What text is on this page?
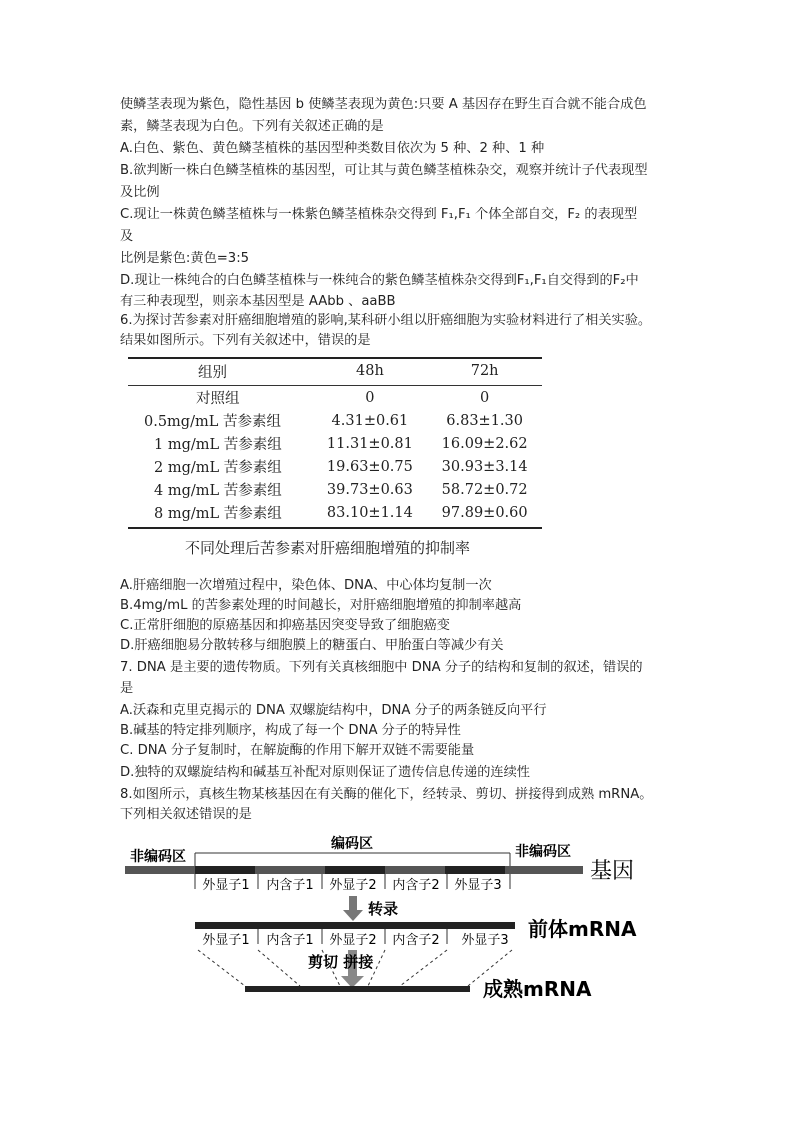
使鳞茎表现为紫色，隐性基因 b 使鳞茎表现为黄色:只要 A 基因存在野生百合就不能合成色
素，鳞茎表现为白色。下列有关叙述正确的是
A.白色、紫色、黄色鳞茎植株的基因型种类数目依次为 5 种、2 种、1 种
B.欲判断一株白色鳞茎植株的基因型，可让其与黄色鳞茎植株杂交，观察并统计子代表现型
及比例
C.现让一株黄色鳞茎植株与一株紫色鳞茎植株杂交得到 F₁,F₁ 个体全部自交，F₂ 的表现型
及
比例是紫色:黄色=3:5
D.现让一株纯合的白色鳞茎植株与一株纯合的紫色鳞茎植株杂交得到F₁,F₁自交得到的F₂中
有三种表现型，则亲本基因型是 AAbb 、aaBB
6.为探讨苦参素对肝癌细胞增殖的影响,某科研小组以肝癌细胞为实验材料进行了相关实验。
结果如图所示。下列有关叙述中，错误的是
组别	48h	72h
对照组	0	0
0.5mg/mL 苦参素组	4.31±0.61	6.83±1.30
1 mg/mL 苦参素组	11.31±0.81	16.09±2.62
2 mg/mL 苦参素组	19.63±0.75	30.93±3.14
4 mg/mL 苦参素组	39.73±0.63	58.72±0.72
8 mg/mL 苦参素组	83.10±1.14	97.89±0.60
不同处理后苦参素对肝癌细胞增殖的抑制率
A.肝癌细胞一次增殖过程中，染色体、DNA、中心体均复制一次
B.4mg/mL 的苦参素处理的时间越长，对肝癌细胞增殖的抑制率越高
C.正常肝细胞的原癌基因和抑癌基因突变导致了细胞癌变
D.肝癌细胞易分散转移与细胞膜上的糖蛋白、甲胎蛋白等减少有关
7. DNA 是主要的遗传物质。下列有关真核细胞中 DNA 分子的结构和复制的叙述，错误的
是
A.沃森和克里克揭示的 DNA 双螺旋结构中，DNA 分子的两条链反向平行
B.碱基的特定排列顺序，构成了每一个 DNA 分子的特异性
C. DNA 分子复制时，在解旋酶的作用下解开双链不需要能量
D.独特的双螺旋结构和碱基互补配对原则保证了遗传信息传递的连续性
8.如图所示，真核生物某核基因在有关酶的催化下，经转录、剪切、拼接得到成熟 mRNA。
下列相关叙述错误的是
编码区
非编码区	非编码区
外显子1 内含子1 外显子2 内含子2 外显子3
基因
转录
外显子1 内含子1 外显子2 内含子2 外显子3 前体mRNA
剪切 拼接
成熟mRNA
